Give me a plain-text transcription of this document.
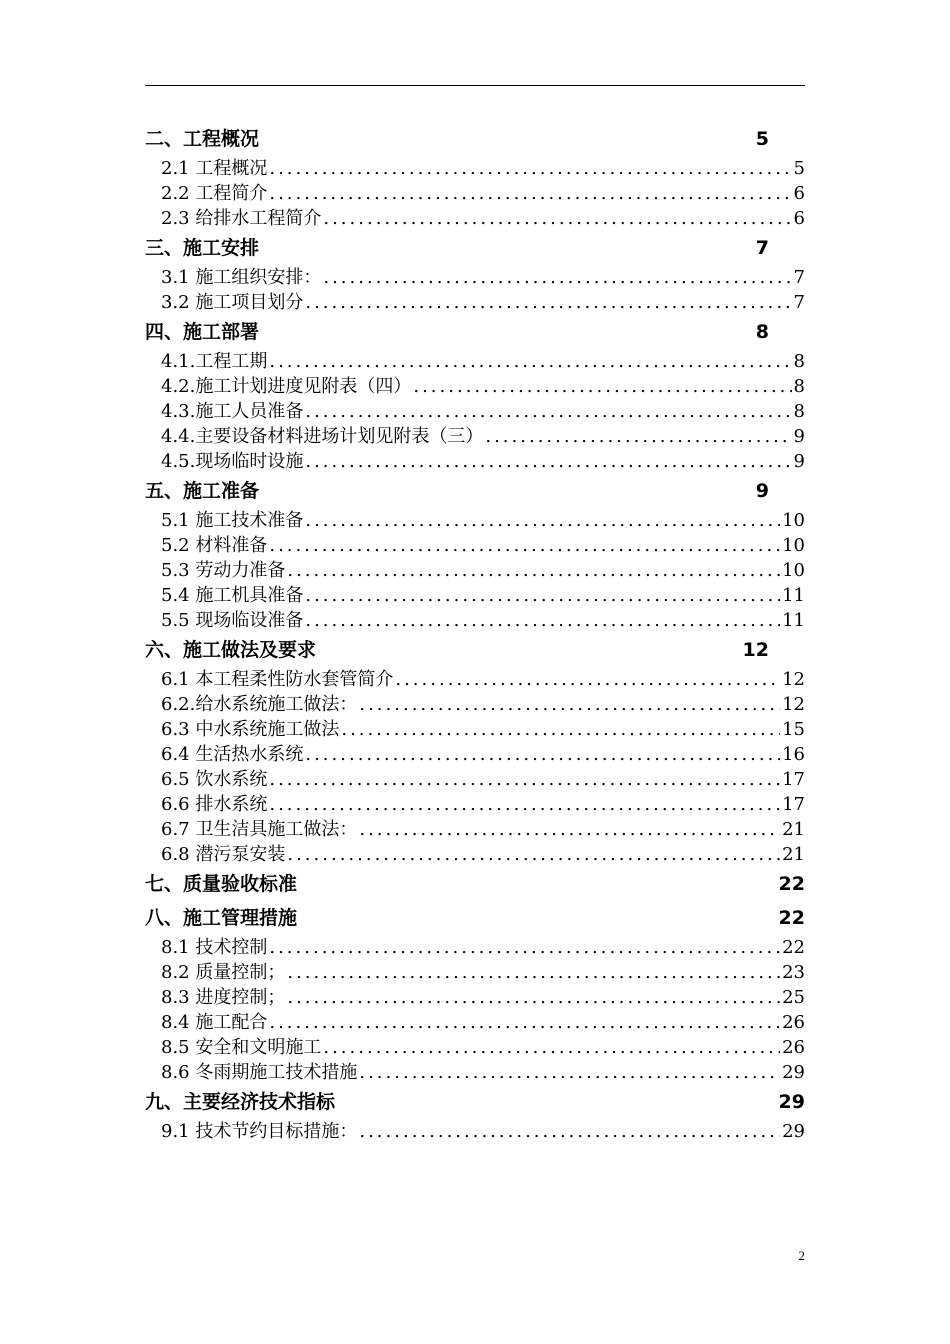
二、工程概况	5
2.1 工程概况 .....	5
2.2 工程简介 .....	6
2.3 给排水工程简介 .....	6
三、施工安排	7
3.1 施工组织安排： .....	7
3.2 施工项目划分 .....	7
四、施工部署	8
4.1.工程工期 .....	8
4.2.施工计划进度见附表（四） .....	8
4.3.施工人员准备 .....	8
4.4.主要设备材料进场计划见附表（三） .....	9
4.5.现场临时设施 .....	9
五、施工准备	9
5.1 施工技术准备 .....	10
5.2 材料准备 .....	10
5.3 劳动力准备 .....	10
5.4 施工机具准备 .....	11
5.5 现场临设准备 .....	11
六、施工做法及要求	12
6.1 本工程柔性防水套管简介 .....	12
6.2.给水系统施工做法： .....	12
6.3 中水系统施工做法 .....	15
6.4 生活热水系统 .....	16
6.5 饮水系统 .....	17
6.6 排水系统 .....	17
6.7 卫生洁具施工做法： .....	21
6.8 潜污泵安装 .....	21
七、质量验收标准	22
八、施工管理措施	22
8.1 技术控制 .....	22
8.2 质量控制； .....	23
8.3 进度控制； .....	25
8.4 施工配合 .....	26
8.5 安全和文明施工 .....	26
8.6 冬雨期施工技术措施 .....	29
九、主要经济技术指标	29
9.1 技术节约目标措施： .....	29
2
